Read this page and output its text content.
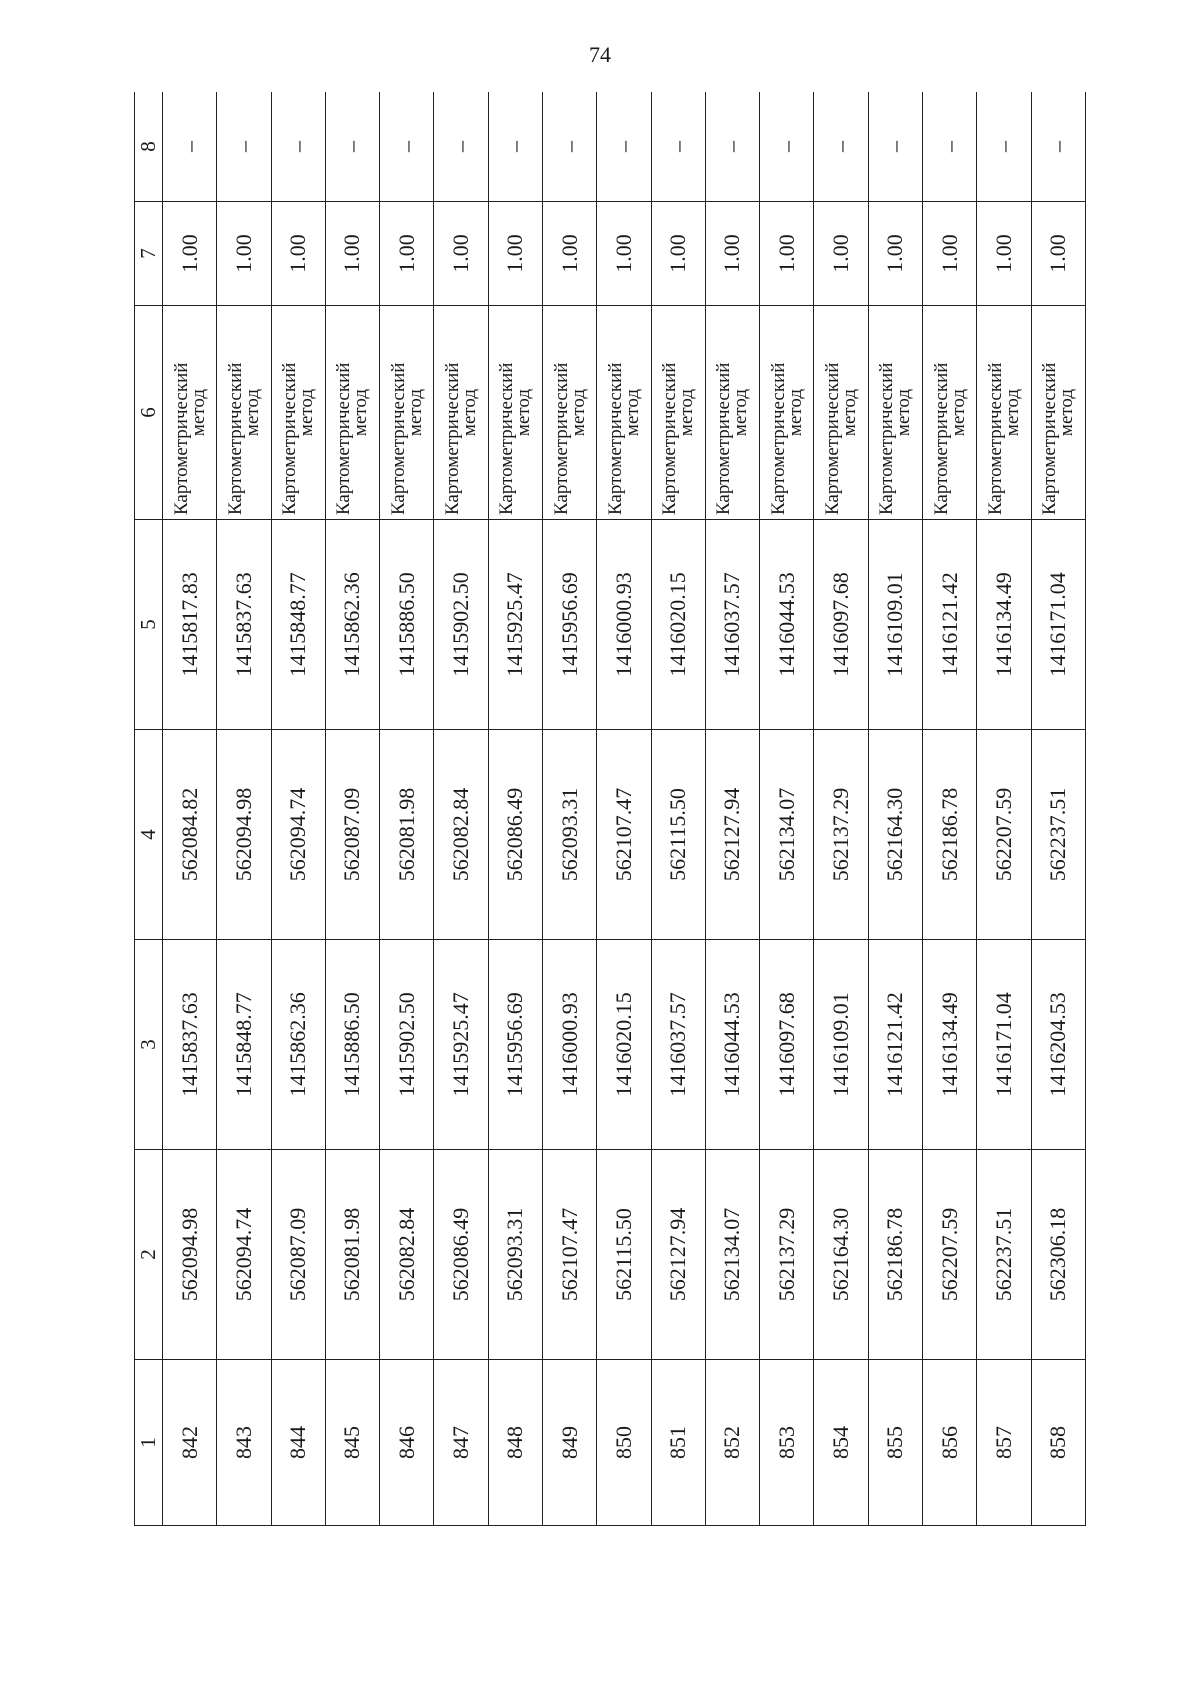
74
1	2	3	4	5	6	7	8
842	562094.98	1415837.63	562084.82	1415817.83	Картометрический
метод	1.00	–
843	562094.74	1415848.77	562094.98	1415837.63	Картометрический
метод	1.00	–
844	562087.09	1415862.36	562094.74	1415848.77	Картометрический
метод	1.00	–
845	562081.98	1415886.50	562087.09	1415862.36	Картометрический
метод	1.00	–
846	562082.84	1415902.50	562081.98	1415886.50	Картометрический
метод	1.00	–
847	562086.49	1415925.47	562082.84	1415902.50	Картометрический
метод	1.00	–
848	562093.31	1415956.69	562086.49	1415925.47	Картометрический
метод	1.00	–
849	562107.47	1416000.93	562093.31	1415956.69	Картометрический
метод	1.00	–
850	562115.50	1416020.15	562107.47	1416000.93	Картометрический
метод	1.00	–
851	562127.94	1416037.57	562115.50	1416020.15	Картометрический
метод	1.00	–
852	562134.07	1416044.53	562127.94	1416037.57	Картометрический
метод	1.00	–
853	562137.29	1416097.68	562134.07	1416044.53	Картометрический
метод	1.00	–
854	562164.30	1416109.01	562137.29	1416097.68	Картометрический
метод	1.00	–
855	562186.78	1416121.42	562164.30	1416109.01	Картометрический
метод	1.00	–
856	562207.59	1416134.49	562186.78	1416121.42	Картометрический
метод	1.00	–
857	562237.51	1416171.04	562207.59	1416134.49	Картометрический
метод	1.00	–
858	562306.18	1416204.53	562237.51	1416171.04	Картометрический
метод	1.00	–
